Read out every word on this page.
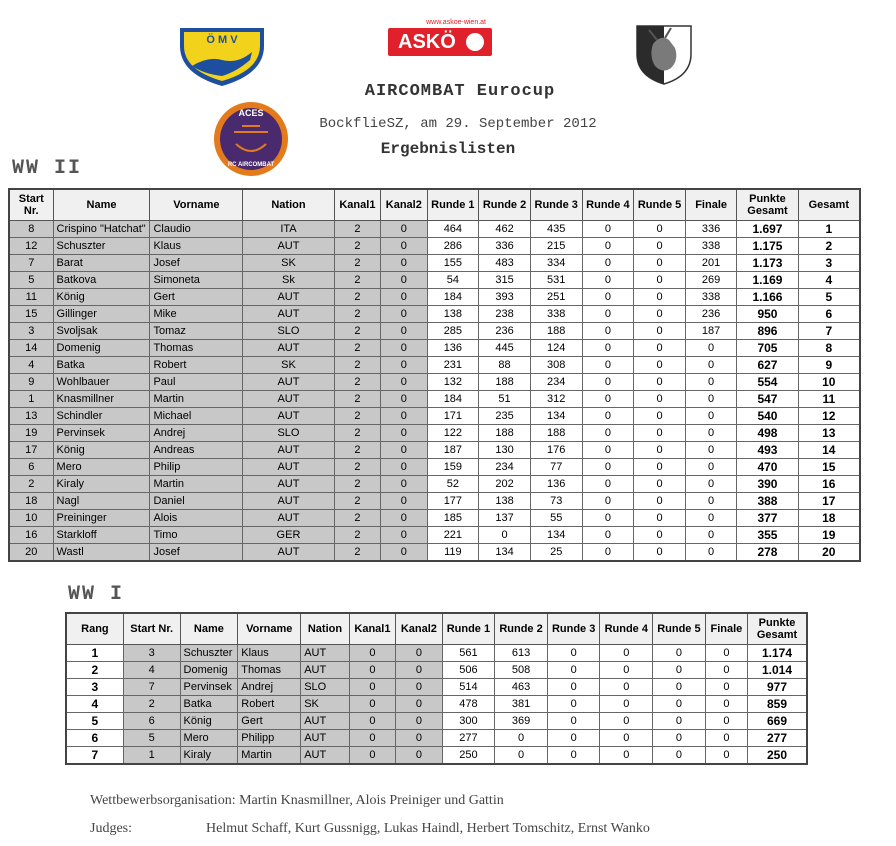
Ö M V
www.askoe-wien.at
ASKÖ
ACES
RC AIRCOMBAT
AIRCOMBAT Eurocup
BockflieSZ, am 29. September 2012
Ergebnislisten
WW II
Start Nr.	Name	Vorname	Nation	Kanal1	Kanal2	Runde 1	Runde 2	Runde 3	Runde 4	Runde 5	Finale	Punkte Gesamt	Gesamt
8	Crispino "Hatchat"	Claudio	ITA	2	0	464	462	435	0	0	336	1.697	1
12	Schuszter	Klaus	AUT	2	0	286	336	215	0	0	338	1.175	2
7	Barat	Josef	SK	2	0	155	483	334	0	0	201	1.173	3
5	Batkova	Simoneta	Sk	2	0	54	315	531	0	0	269	1.169	4
11	König	Gert	AUT	2	0	184	393	251	0	0	338	1.166	5
15	Gillinger	Mike	AUT	2	0	138	238	338	0	0	236	950	6
3	Svoljsak	Tomaz	SLO	2	0	285	236	188	0	0	187	896	7
14	Domenig	Thomas	AUT	2	0	136	445	124	0	0	0	705	8
4	Batka	Robert	SK	2	0	231	88	308	0	0	0	627	9
9	Wohlbauer	Paul	AUT	2	0	132	188	234	0	0	0	554	10
1	Knasmillner	Martin	AUT	2	0	184	51	312	0	0	0	547	11
13	Schindler	Michael	AUT	2	0	171	235	134	0	0	0	540	12
19	Pervinsek	Andrej	SLO	2	0	122	188	188	0	0	0	498	13
17	König	Andreas	AUT	2	0	187	130	176	0	0	0	493	14
6	Mero	Philip	AUT	2	0	159	234	77	0	0	0	470	15
2	Kiraly	Martin	AUT	2	0	52	202	136	0	0	0	390	16
18	Nagl	Daniel	AUT	2	0	177	138	73	0	0	0	388	17
10	Preininger	Alois	AUT	2	0	185	137	55	0	0	0	377	18
16	Starkloff	Timo	GER	2	0	221	0	134	0	0	0	355	19
20	Wastl	Josef	AUT	2	0	119	134	25	0	0	0	278	20
WW I
Rang	Start Nr.	Name	Vorname	Nation	Kanal1	Kanal2	Runde 1	Runde 2	Runde 3	Runde 4	Runde 5	Finale	Punkte Gesamt
1	3	Schuszter	Klaus	AUT	0	0	561	613	0	0	0	0	1.174
2	4	Domenig	Thomas	AUT	0	0	506	508	0	0	0	0	1.014
3	7	Pervinsek	Andrej	SLO	0	0	514	463	0	0	0	0	977
4	2	Batka	Robert	SK	0	0	478	381	0	0	0	0	859
5	6	König	Gert	AUT	0	0	300	369	0	0	0	0	669
6	5	Mero	Philipp	AUT	0	0	277	0	0	0	0	0	277
7	1	Kiraly	Martin	AUT	0	0	250	0	0	0	0	0	250
Wettbewerbsorganisation: Martin Knasmillner, Alois Preiniger und Gattin
Judges:	Helmut Schaff, Kurt Gussnigg, Lukas Haindl, Herbert Tomschitz, Ernst Wanko
